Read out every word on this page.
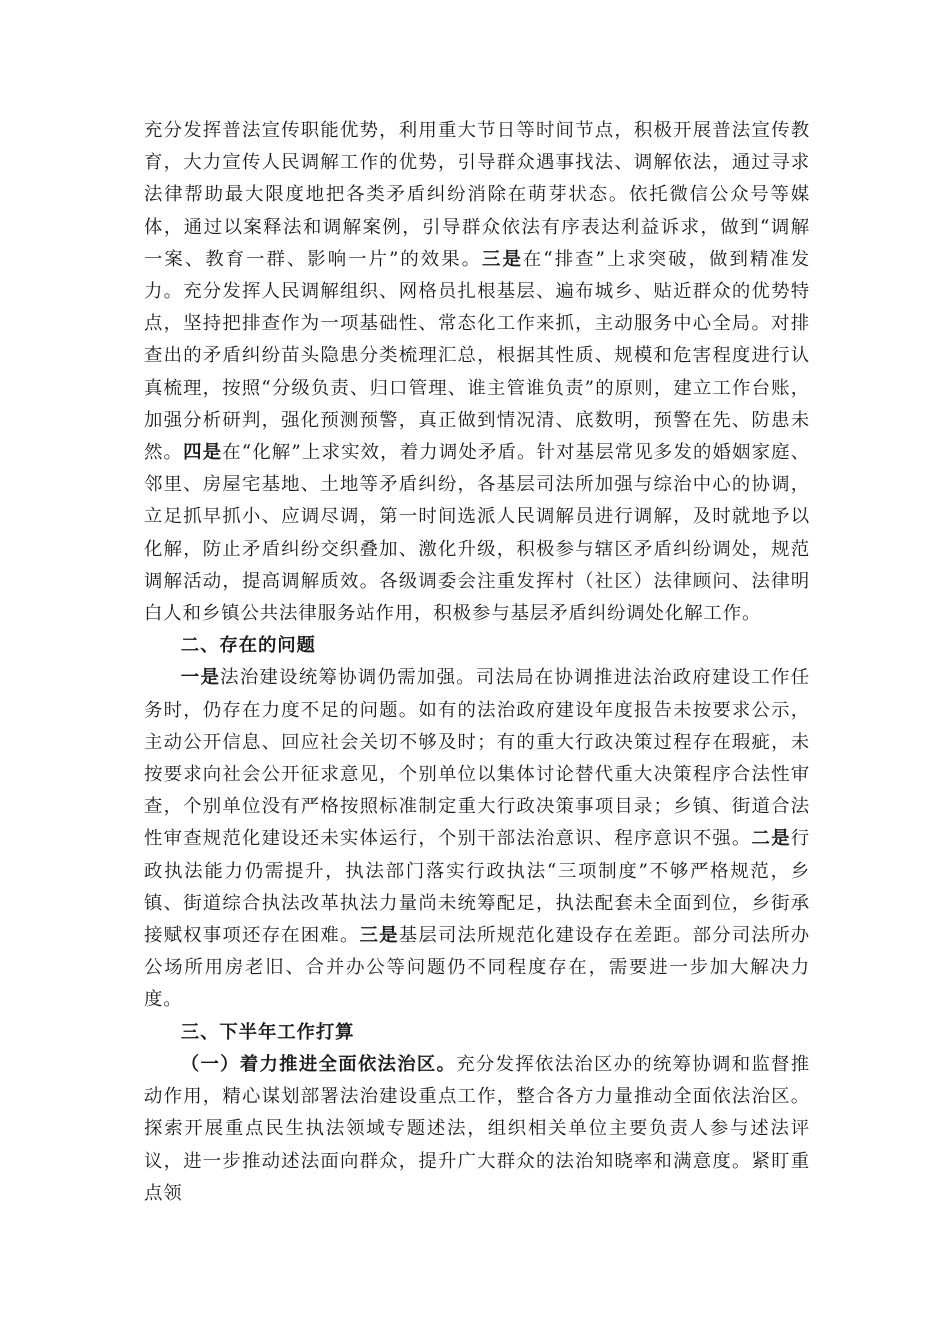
充分发挥普法宣传职能优势，利用重大节日等时间节点，积极开展普法宣传教育，大力宣传人民调解工作的优势，引导群众遇事找法、调解依法，通过寻求法律帮助最大限度地把各类矛盾纠纷消除在萌芽状态。依托微信公众号等媒体，通过以案释法和调解案例，引导群众依法有序表达利益诉求，做到“调解一案、教育一群、影响一片”的效果。三是在“排查”上求突破，做到精准发力。充分发挥人民调解组织、网格员扎根基层、遍布城乡、贴近群众的优势特点，坚持把排查作为一项基础性、常态化工作来抓，主动服务中心全局。对排查出的矛盾纠纷苗头隐患分类梳理汇总，根据其性质、规模和危害程度进行认真梳理，按照“分级负责、归口管理、谁主管谁负责”的原则，建立工作台账，加强分析研判，强化预测预警，真正做到情况清、底数明，预警在先、防患未然。四是在“化解”上求实效，着力调处矛盾。针对基层常见多发的婚姻家庭、邻里、房屋宅基地、土地等矛盾纠纷，各基层司法所加强与综治中心的协调，立足抓早抓小、应调尽调，第一时间选派人民调解员进行调解，及时就地予以化解，防止矛盾纠纷交织叠加、激化升级，积极参与辖区矛盾纠纷调处，规范调解活动，提高调解质效。各级调委会注重发挥村（社区）法律顾问、法律明白人和乡镇公共法律服务站作用，积极参与基层矛盾纠纷调处化解工作。

二、存在的问题

一是法治建设统筹协调仍需加强。司法局在协调推进法治政府建设工作任务时，仍存在力度不足的问题。如有的法治政府建设年度报告未按要求公示，主动公开信息、回应社会关切不够及时；有的重大行政决策过程存在瑕疵，未按要求向社会公开征求意见，个别单位以集体讨论替代重大决策程序合法性审查，个别单位没有严格按照标准制定重大行政决策事项目录；乡镇、街道合法性审查规范化建设还未实体运行，个别干部法治意识、程序意识不强。二是行政执法能力仍需提升，执法部门落实行政执法“三项制度”不够严格规范，乡镇、街道综合执法改革执法力量尚未统筹配足，执法配套未全面到位，乡街承接赋权事项还存在困难。三是基层司法所规范化建设存在差距。部分司法所办公场所用房老旧、合并办公等问题仍不同程度存在，需要进一步加大解决力度。

三、下半年工作打算

（一）着力推进全面依法治区。充分发挥依法治区办的统筹协调和监督推动作用，精心谋划部署法治建设重点工作，整合各方力量推动全面依法治区。探索开展重点民生执法领域专题述法，组织相关单位主要负责人参与述法评议，进一步推动述法面向群众，提升广大群众的法治知晓率和满意度。紧盯重点领
